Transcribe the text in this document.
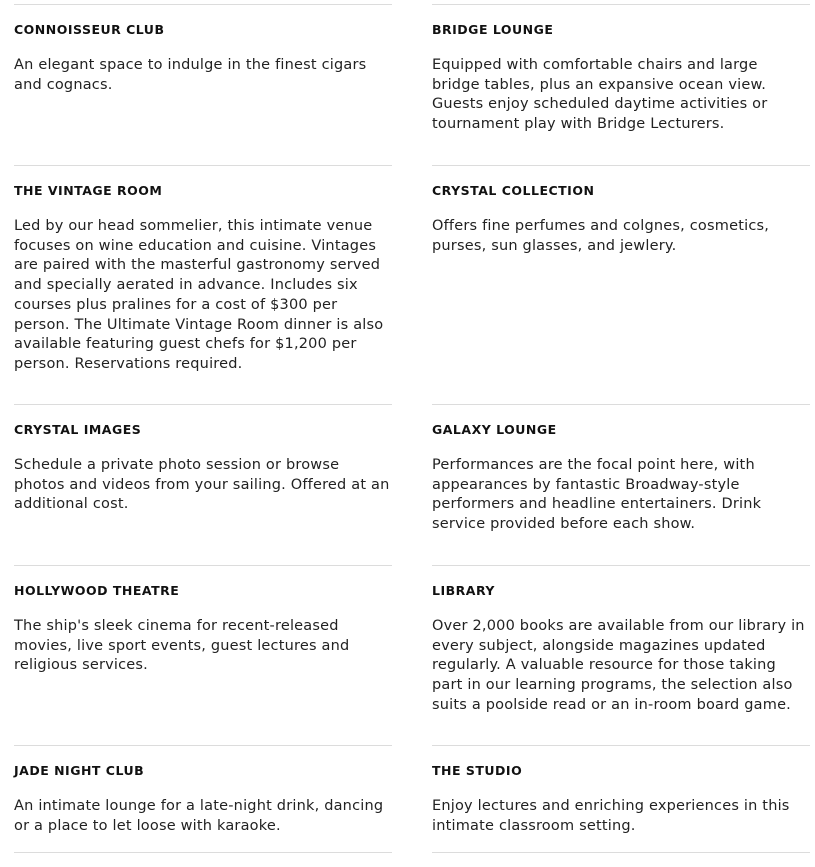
CONNOISSEUR CLUB

An elegant space to indulge in the finest cigars and cognacs.

BRIDGE LOUNGE

Equipped with comfortable chairs and large bridge tables, plus an expansive ocean view. Guests enjoy scheduled daytime activities or tournament play with Bridge Lecturers.

THE VINTAGE ROOM

Led by our head sommelier, this intimate venue focuses on wine education and cuisine. Vintages are paired with the masterful gastronomy served and specially aerated in advance. Includes six courses plus pralines for a cost of $300 per person. The Ultimate Vintage Room dinner is also available featuring guest chefs for $1,200 per person. Reservations required.

CRYSTAL COLLECTION

Offers fine perfumes and colgnes, cosmetics, purses, sun glasses, and jewlery.

CRYSTAL IMAGES

Schedule a private photo session or browse photos and videos from your sailing. Offered at an additional cost.

GALAXY LOUNGE

Performances are the focal point here, with appearances by fantastic Broadway-style performers and headline entertainers. Drink service provided before each show.

HOLLYWOOD THEATRE

The ship's sleek cinema for recent-released movies, live sport events, guest lectures and religious services.

LIBRARY

Over 2,000 books are available from our library in every subject, alongside magazines updated regularly. A valuable resource for those taking part in our learning programs, the selection also suits a poolside read or an in-room board game.

JADE NIGHT CLUB

An intimate lounge for a late-night drink, dancing or a place to let loose with karaoke.

THE STUDIO

Enjoy lectures and enriching experiences in this intimate classroom setting.
